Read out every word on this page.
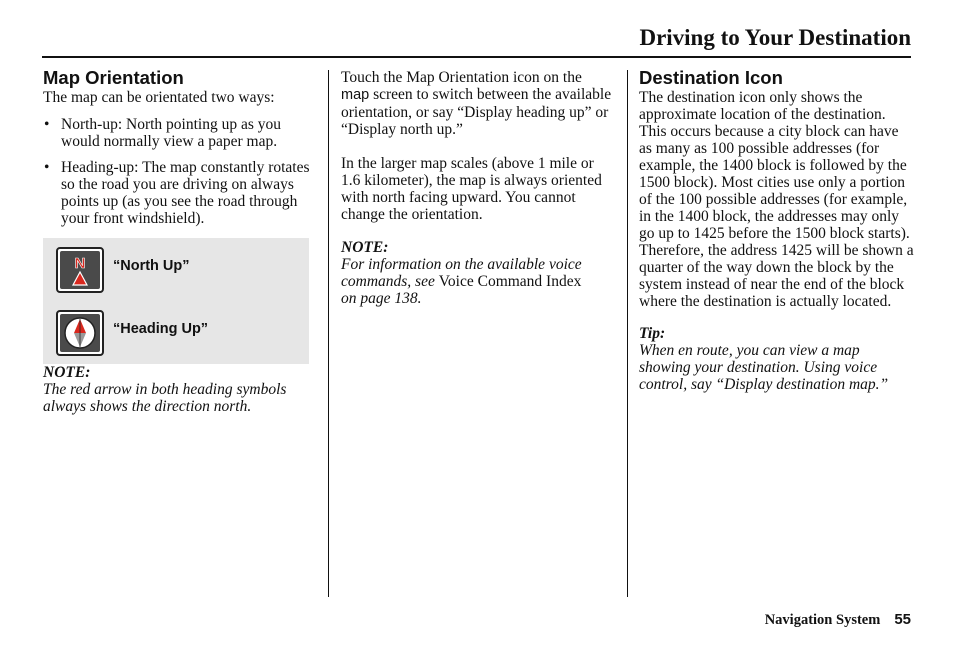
Driving to Your Destination
Map Orientation

The map can be orientated two ways:

• North-up: North pointing up as you would normally view a paper map.
• Heading-up: The map constantly rotates so the road you are driving on always points up (as you see the road through your front windshield).
N “North Up”
“Heading Up”

NOTE:

The red arrow in both heading symbols always shows the direction north.

Touch the Map Orientation icon on the
map screen to switch between the available orientation, or say “Display heading up” or “Display north up.”

In the larger map scales (above 1 mile or 1.6 kilometer), the map is always oriented with north facing upward. You cannot change the orientation.

NOTE:

For information on the available voice commands, see Voice Command Index
on page 138.

Destination Icon

The destination icon only shows the approximate location of the destination. This occurs because a city block can have as many as 100 possible addresses (for example, the 1400 block is followed by the 1500 block). Most cities use only a portion of the 100 possible addresses (for example, in the 1400 block, the addresses may only go up to 1425 before the 1500 block starts). Therefore, the address 1425 will be shown a quarter of the way down the block by the system instead of near the end of the block where the destination is actually located.

Tip:

When en route, you can view a map showing your destination. Using voice control, say “Display destination map.”

Navigation System 55
